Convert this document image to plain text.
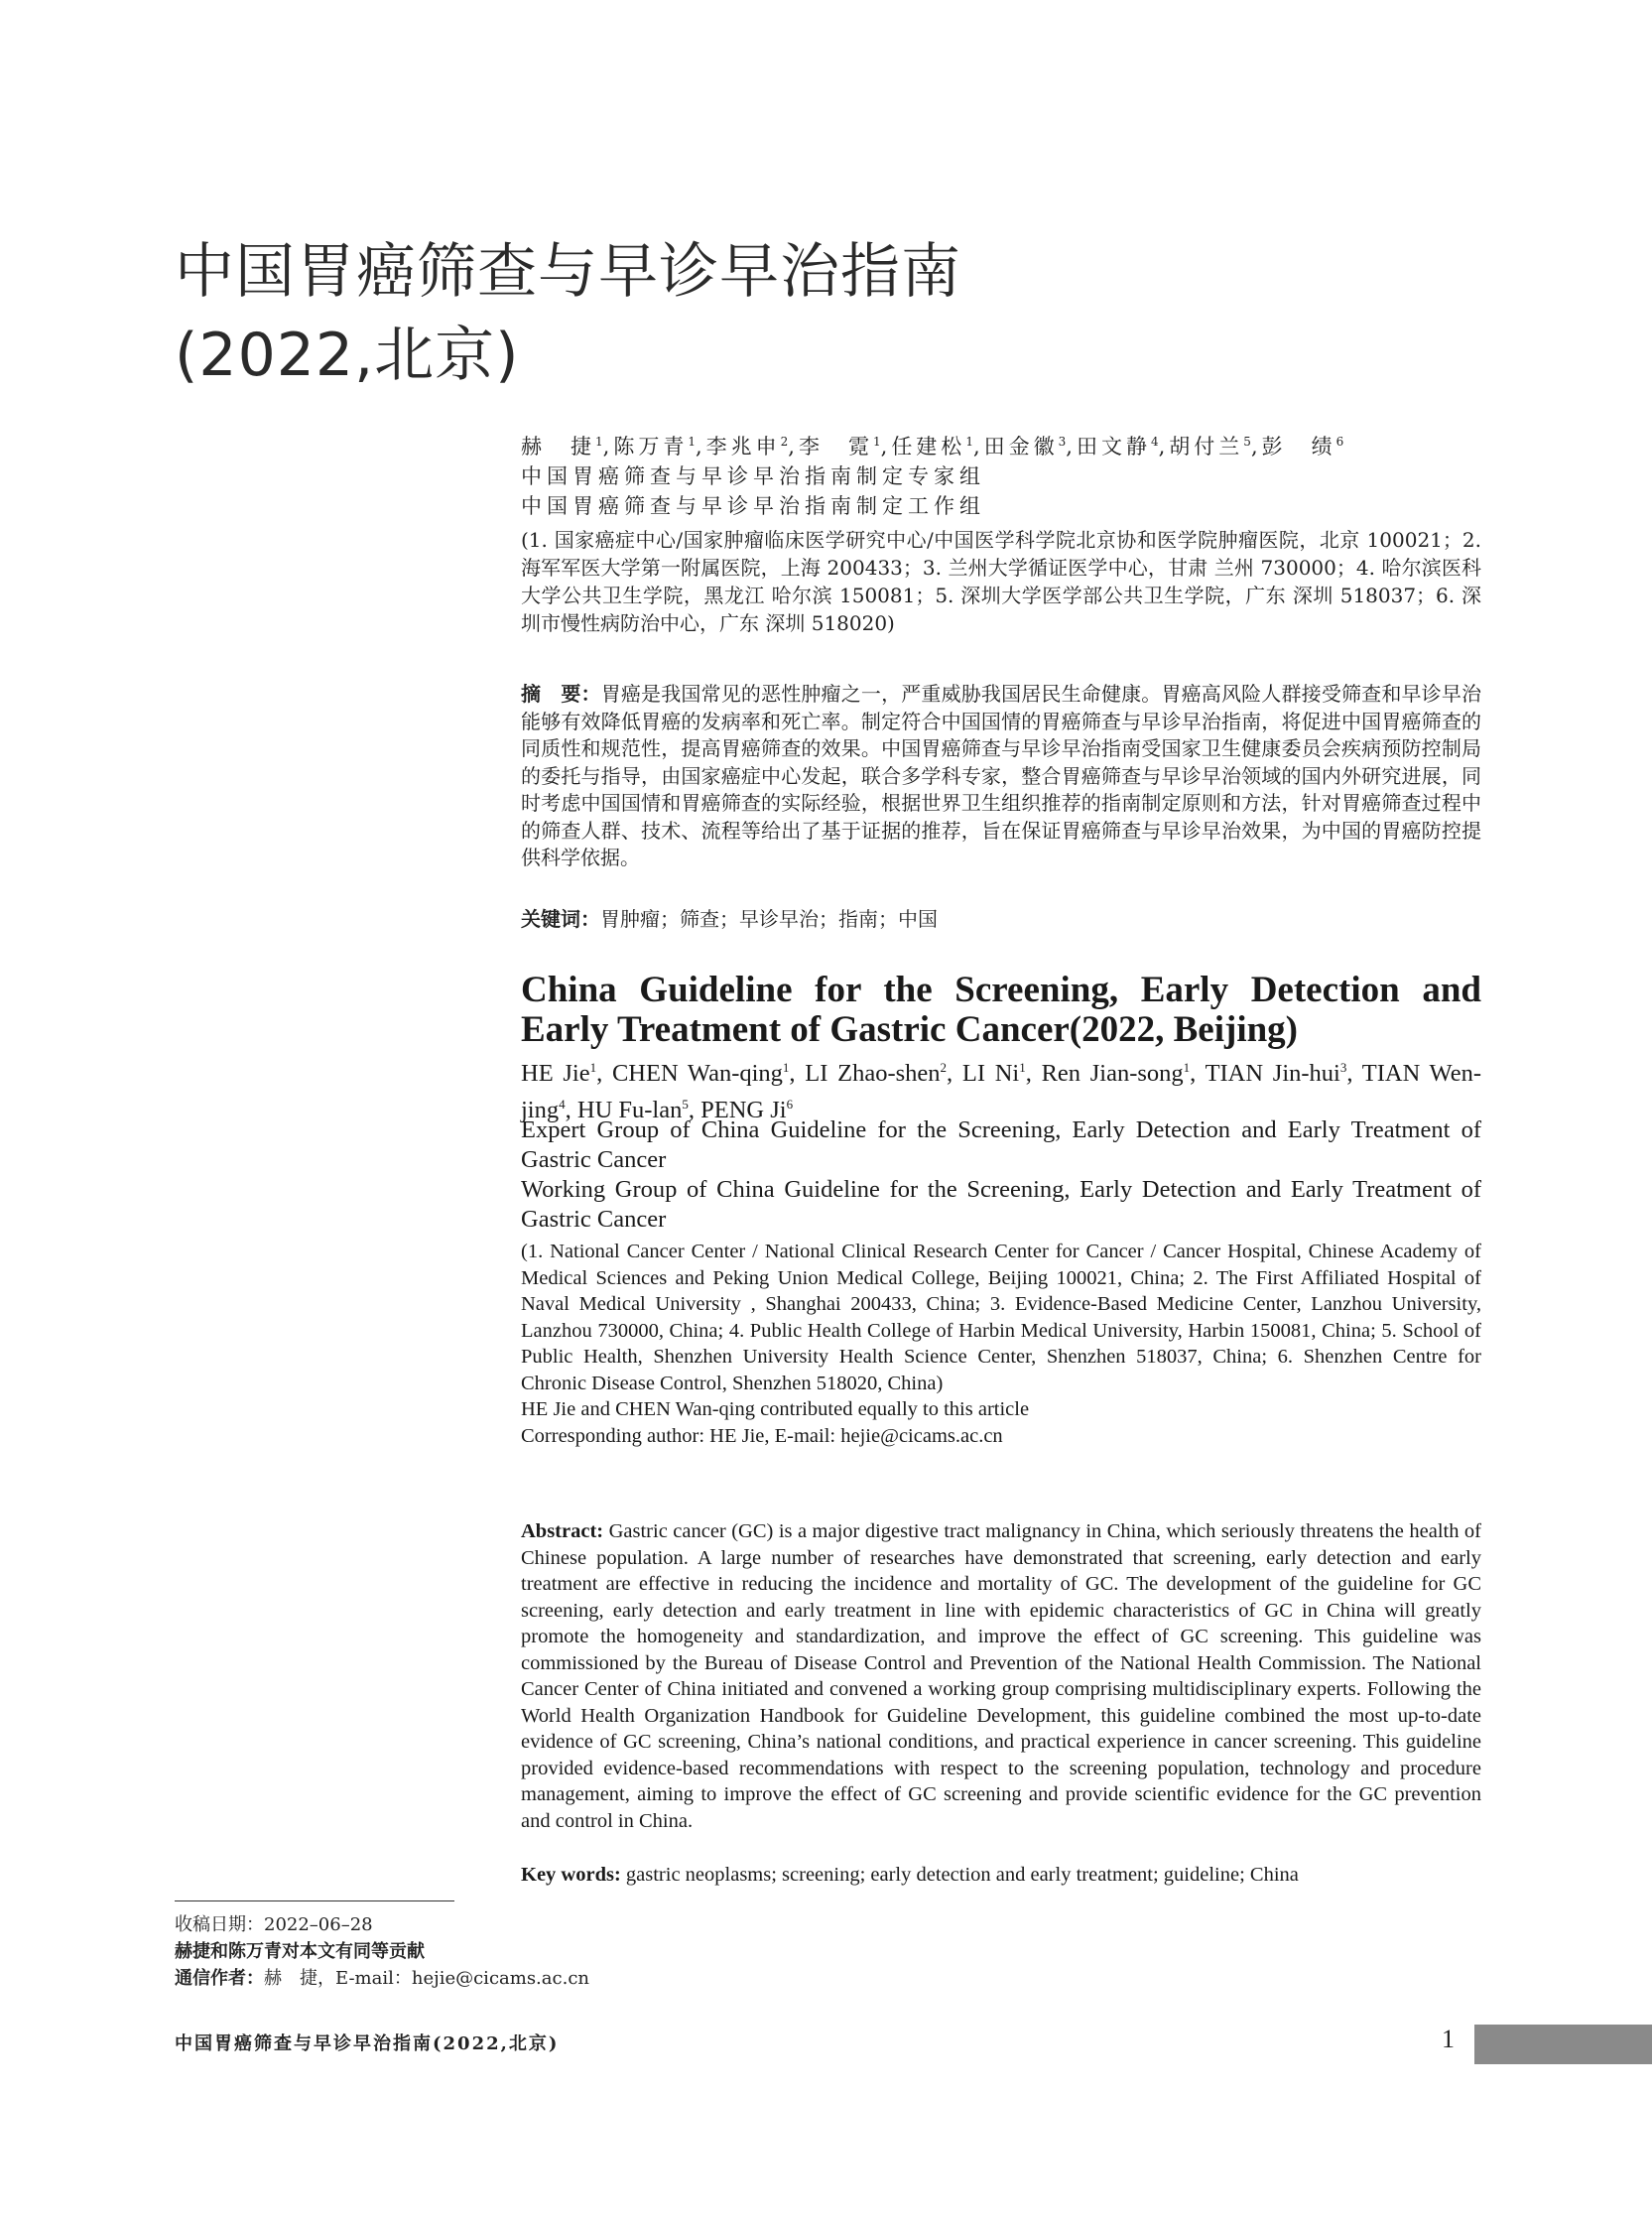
中国胃癌筛查与早诊早治指南
(2022,北京)
赫　捷$^1$,陈万青$^1$,李兆申$^2$,李　霓$^1$,任建松$^1$,田金徽$^3$,田文静$^4$,胡付兰$^5$,彭　绩$^6$
中国胃癌筛查与早诊早治指南制定专家组
中国胃癌筛查与早诊早治指南制定工作组
(1. 国家癌症中心/国家肿瘤临床医学研究中心/中国医学科学院北京协和医学院肿瘤医院，北京 100021；2. 海军军医大学第一附属医院，上海 200433；3. 兰州大学循证医学中心，甘肃 兰州 730000；4. 哈尔滨医科大学公共卫生学院，黑龙江 哈尔滨 150081；5. 深圳大学医学部公共卫生学院，广东 深圳 518037；6. 深圳市慢性病防治中心，广东 深圳 518020)
摘　要：胃癌是我国常见的恶性肿瘤之一，严重威胁我国居民生命健康。胃癌高风险人群接受筛查和早诊早治能够有效降低胃癌的发病率和死亡率。制定符合中国国情的胃癌筛查与早诊早治指南，将促进中国胃癌筛查的同质性和规范性，提高胃癌筛查的效果。中国胃癌筛查与早诊早治指南受国家卫生健康委员会疾病预防控制局的委托与指导，由国家癌症中心发起，联合多学科专家，整合胃癌筛查与早诊早治领域的国内外研究进展，同时考虑中国国情和胃癌筛查的实际经验，根据世界卫生组织推荐的指南制定原则和方法，针对胃癌筛查过程中的筛查人群、技术、流程等给出了基于证据的推荐，旨在保证胃癌筛查与早诊早治效果，为中国的胃癌防控提供科学依据。
关键词：胃肿瘤；筛查；早诊早治；指南；中国
China Guideline for the Screening, Early Detection and
Early Treatment of Gastric Cancer(2022, Beijing)
HE Jie$^1$, CHEN Wan-qing$^1$, LI Zhao-shen$^2$, LI Ni$^1$, Ren Jian-song$^1$, TIAN Jin-hui$^3$, TIAN Wen-jing$^4$, HU Fu-lan$^5$, PENG Ji$^6$

Expert Group of China Guideline for the Screening, Early Detection and Early Treatment of Gastric Cancer

Working Group of China Guideline for the Screening, Early Detection and Early Treatment of Gastric Cancer

(1. National Cancer Center / National Clinical Research Center for Cancer / Cancer Hospital, Chinese Academy of Medical Sciences and Peking Union Medical College, Beijing 100021, China; 2. The First Affiliated Hospital of Naval Medical University , Shanghai 200433, China; 3. Evidence-Based Medicine Center, Lanzhou University, Lanzhou 730000, China; 4. Public Health College of Harbin Medical University, Harbin 150081, China; 5. School of Public Health, Shenzhen University Health Science Center, Shenzhen 518037, China; 6. Shenzhen Centre for Chronic Disease Control, Shenzhen 518020, China)

HE Jie and CHEN Wan-qing contributed equally to this article

Corresponding author: HE Jie, E-mail: hejie@cicams.ac.cn

Abstract: Gastric cancer (GC) is a major digestive tract malignancy in China, which seriously threatens the health of Chinese population. A large number of researches have demonstrated that screening, early detection and early treatment are effective in reducing the incidence and mortality of GC. The development of the guideline for GC screening, early detection and early treatment in line with epidemic characteristics of GC in China will greatly promote the homogeneity and standardization, and improve the effect of GC screening. This guideline was commissioned by the Bureau of Disease Control and Prevention of the National Health Commission. The National Cancer Center of China initiated and convened a working group comprising multidisciplinary experts. Following the World Health Organization Handbook for Guideline Development, this guideline combined the most up-to-date evidence of GC screening, China’s national conditions, and practical experience in cancer screening. This guideline provided evidence-based recommendations with respect to the screening population, technology and procedure management, aiming to improve the effect of GC screening and provide scientific evidence for the GC prevention and control in China.
Key words: gastric neoplasms; screening; early detection and early treatment; guideline; China
收稿日期：2022–06–28
赫捷和陈万青对本文有同等贡献
通信作者：赫　捷，E-mail：hejie@cicams.ac.cn
中国胃癌筛查与早诊早治指南(2022,北京)	1
